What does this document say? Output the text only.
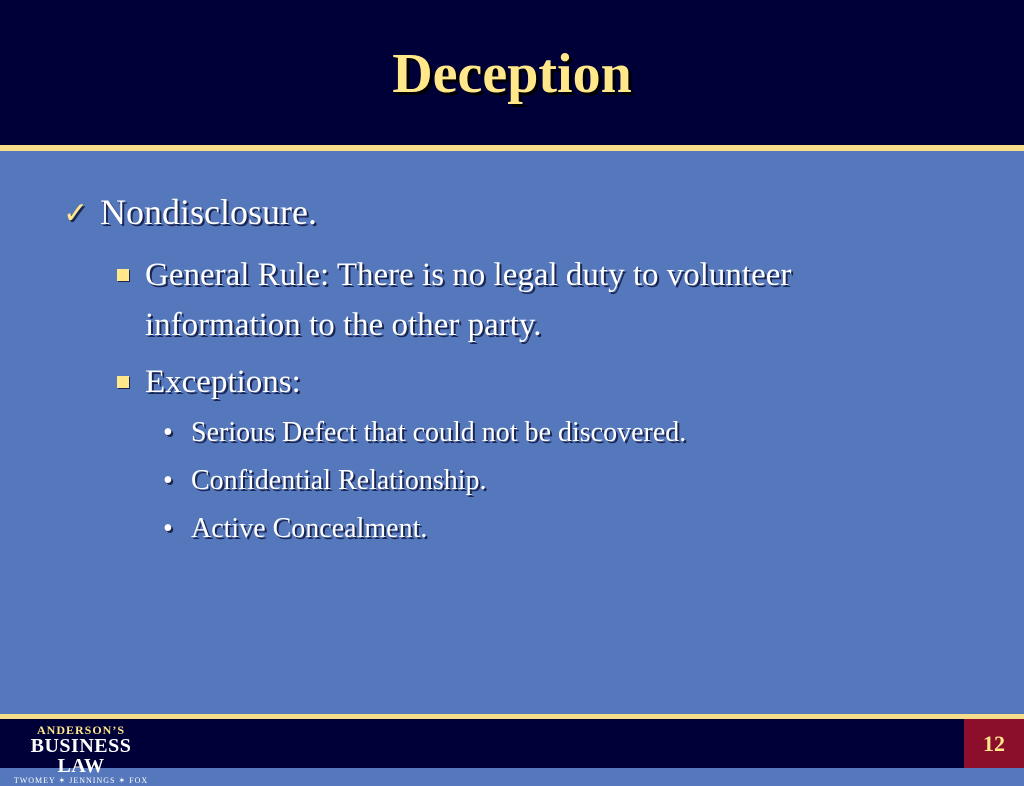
Deception
✓ Nondisclosure.
General Rule: There is no legal duty to volunteer information to the other party.
Exceptions:
• Serious Defect that could not be discovered.
• Confidential Relationship.
• Active Concealment.
ANDERSON’S
BUSINESS LAW
TWOMEY ✶ JENNINGS ✶ FOX
12
